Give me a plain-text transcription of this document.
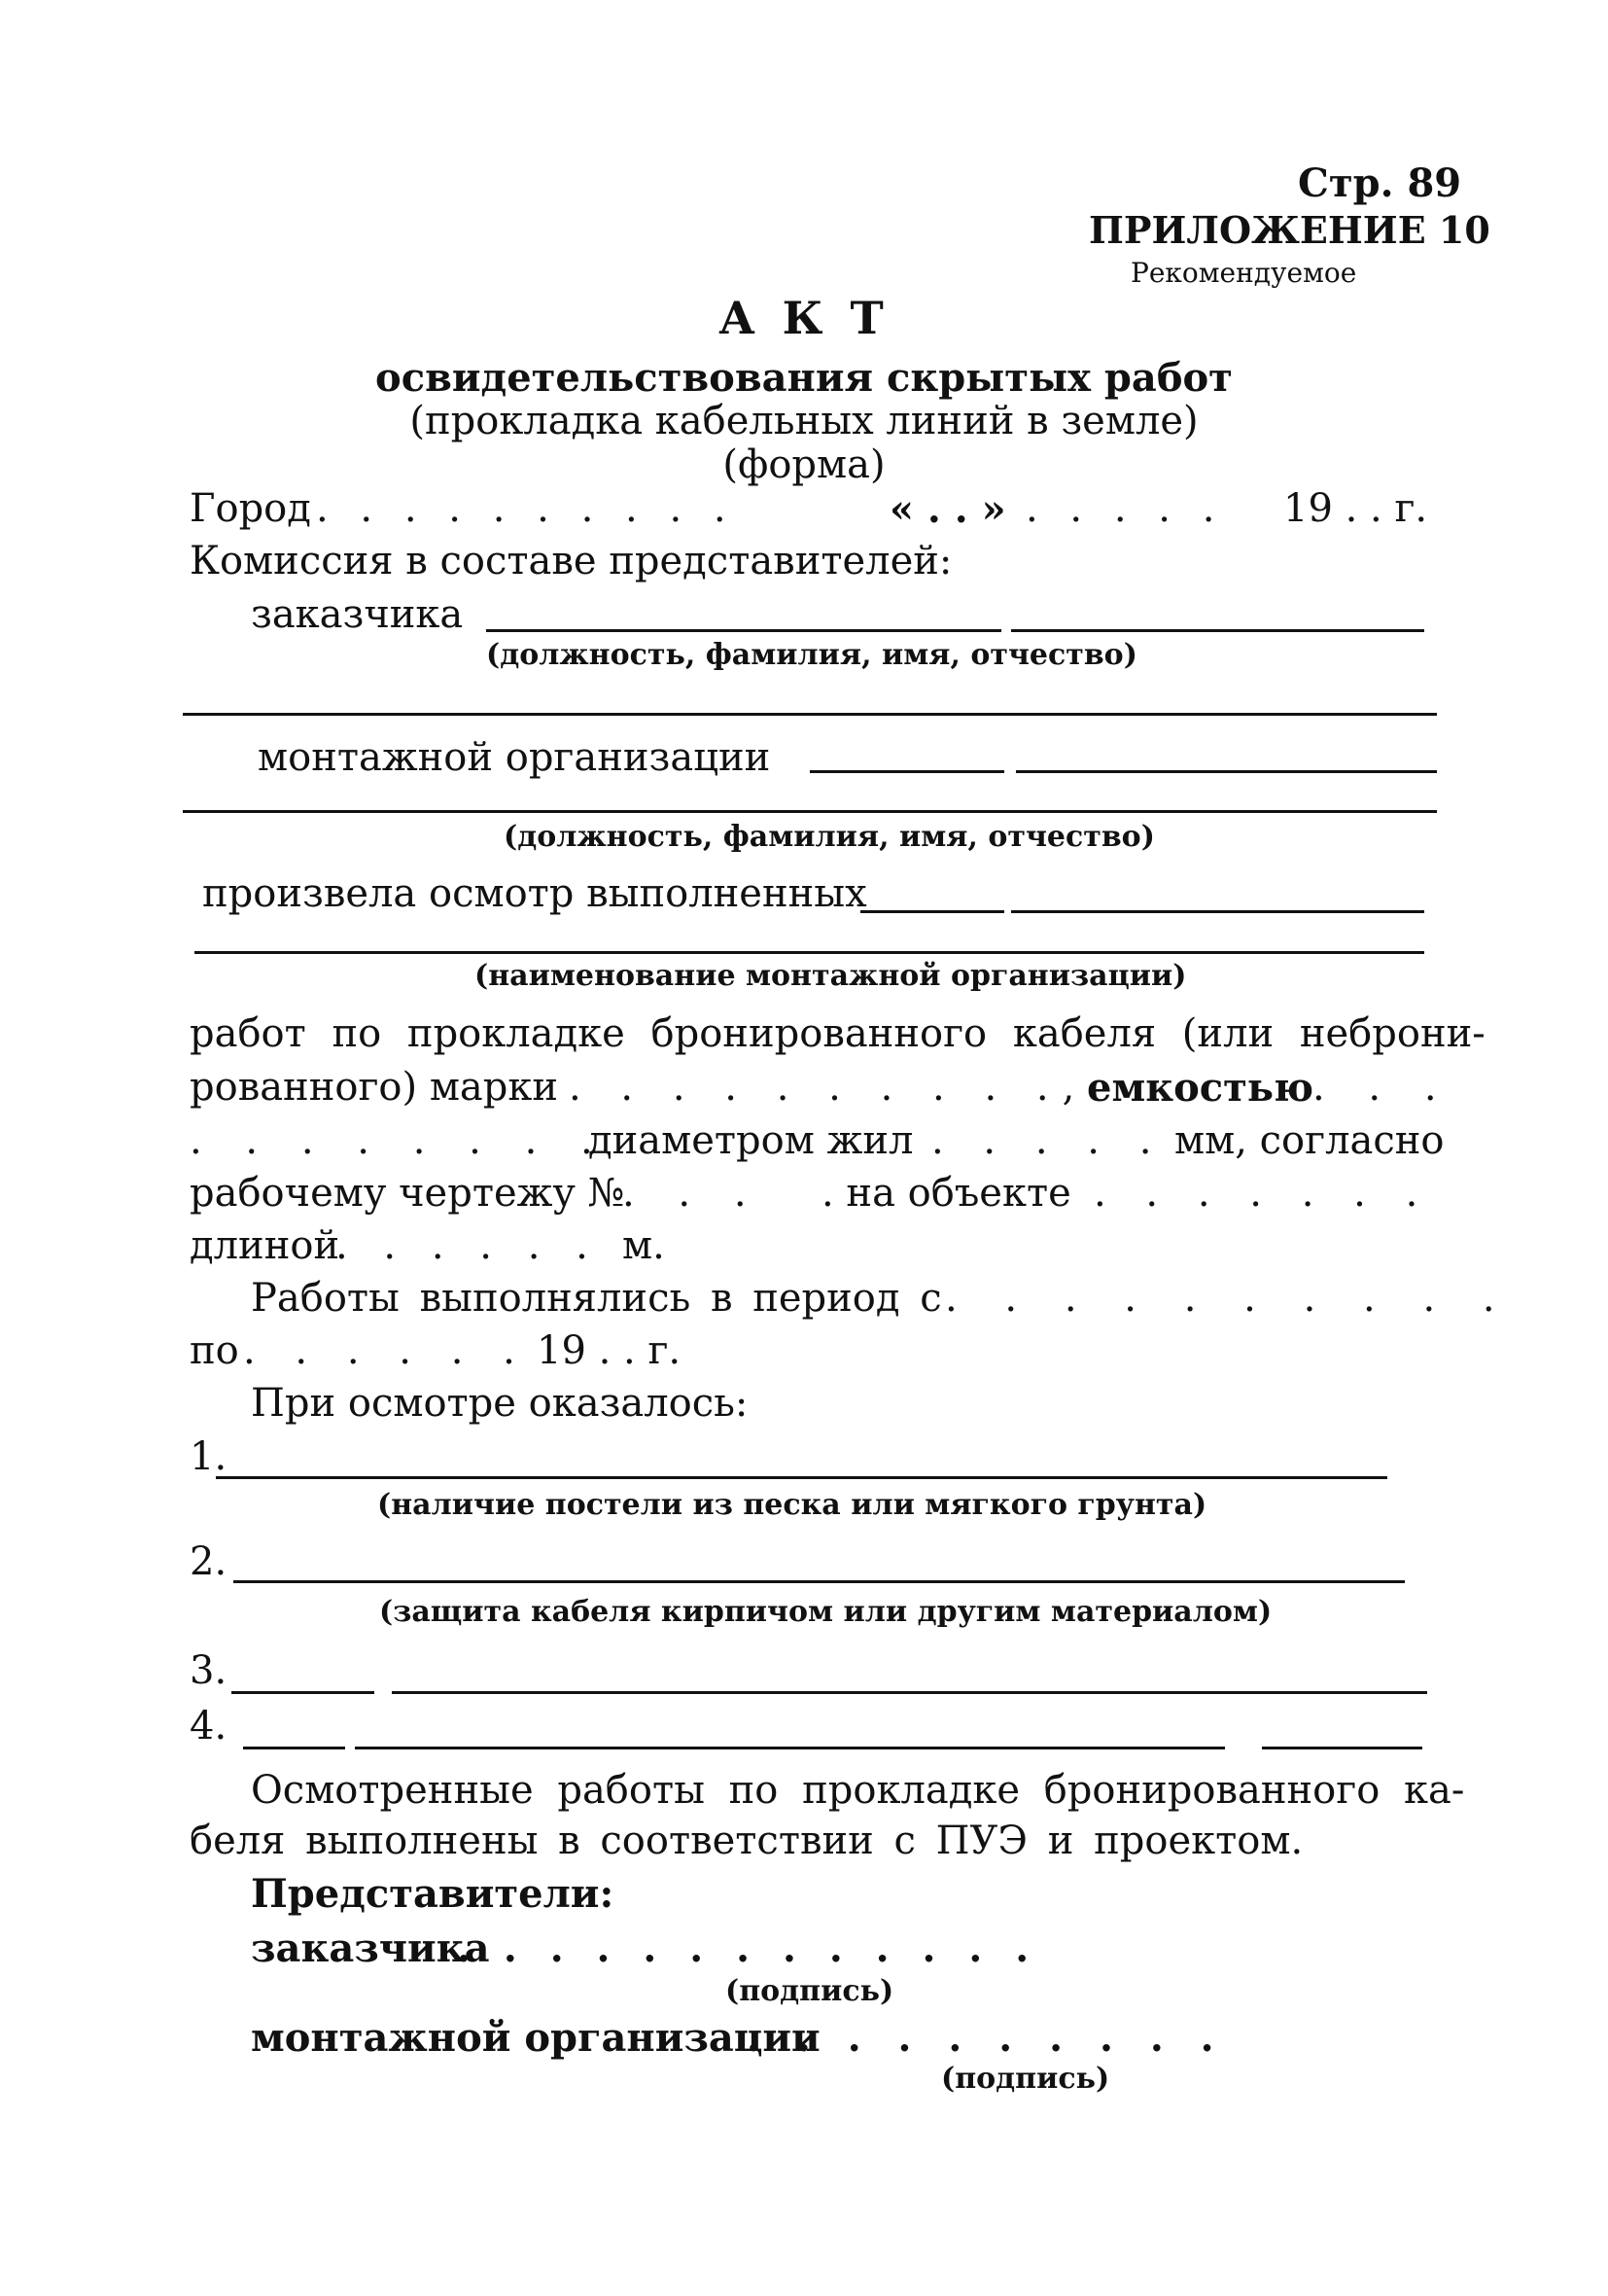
Стр. 89
ПРИЛОЖЕНИЕ 10
Рекомендуемое
А К Т
освидетельствования скрытых работ
(прокладка кабельных линий в земле)
(форма)
Город . . . . . . . . . .	« . . » . . . . . 19 . . г.
Комиссия в составе представителей:
заказчика
(должность, фамилия, имя, отчество)
монтажной организации
(должность, фамилия, имя, отчество)
произвела осмотр выполненных
(наименование монтажной организации)
работ по прокладке бронированного кабеля (или неброни-
рованного) марки . . . . . . . . . .,
емкостью
. . .
. . . . . . . .
диаметром жил . . . . . мм, согласно
рабочему чертежу №
. . . . на объекте . . . . . . .
длиной
. . . . . . м.
Работы выполнялись в период с . . . . . . . . . .
по . . . . . . 19 . . г.
При осмотре оказалось:
1.
(наличие постели из песка или мягкого грунта)
2.
(защита кабеля кирпичом или другим материалом)
3.
4.
Осмотренные работы по прокладке бронированного ка-
беля выполнены в соответствии с ПУЭ и проектом.
Представители:
заказчика
. . . . . . . . . . . . .
(подпись)
монтажной организации
. . . . . . . . . .
(подпись)
